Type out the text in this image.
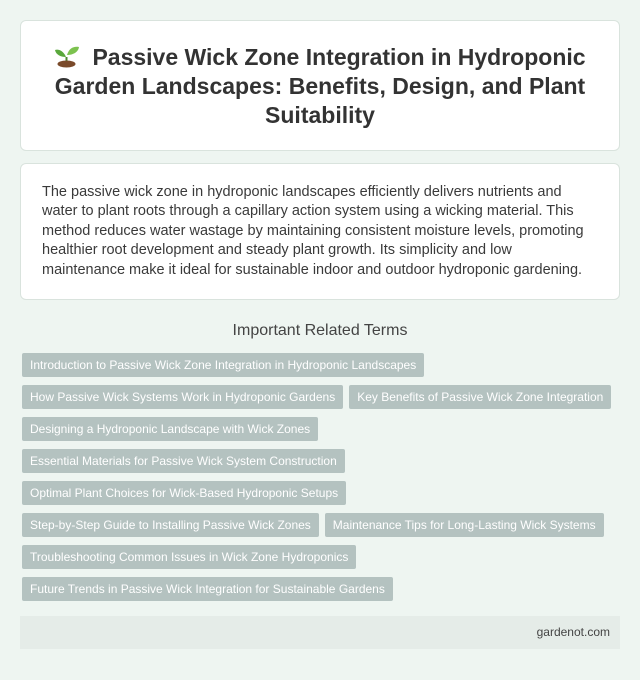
Passive Wick Zone Integration in Hydroponic Garden Landscapes: Benefits, Design, and Plant Suitability

The passive wick zone in hydroponic landscapes efficiently delivers nutrients and water to plant roots through a capillary action system using a wicking material. This method reduces water wastage by maintaining consistent moisture levels, promoting healthier root development and steady plant growth. Its simplicity and low maintenance make it ideal for sustainable indoor and outdoor hydroponic gardening.

Important Related Terms
Introduction to Passive Wick Zone Integration in Hydroponic Landscapes
How Passive Wick Systems Work in Hydroponic Gardens	Key Benefits of Passive Wick Zone Integration
Designing a Hydroponic Landscape with Wick Zones
Essential Materials for Passive Wick System Construction
Optimal Plant Choices for Wick-Based Hydroponic Setups
Step-by-Step Guide to Installing Passive Wick Zones	Maintenance Tips for Long-Lasting Wick Systems
Troubleshooting Common Issues in Wick Zone Hydroponics
Future Trends in Passive Wick Integration for Sustainable Gardens
gardenot.com
